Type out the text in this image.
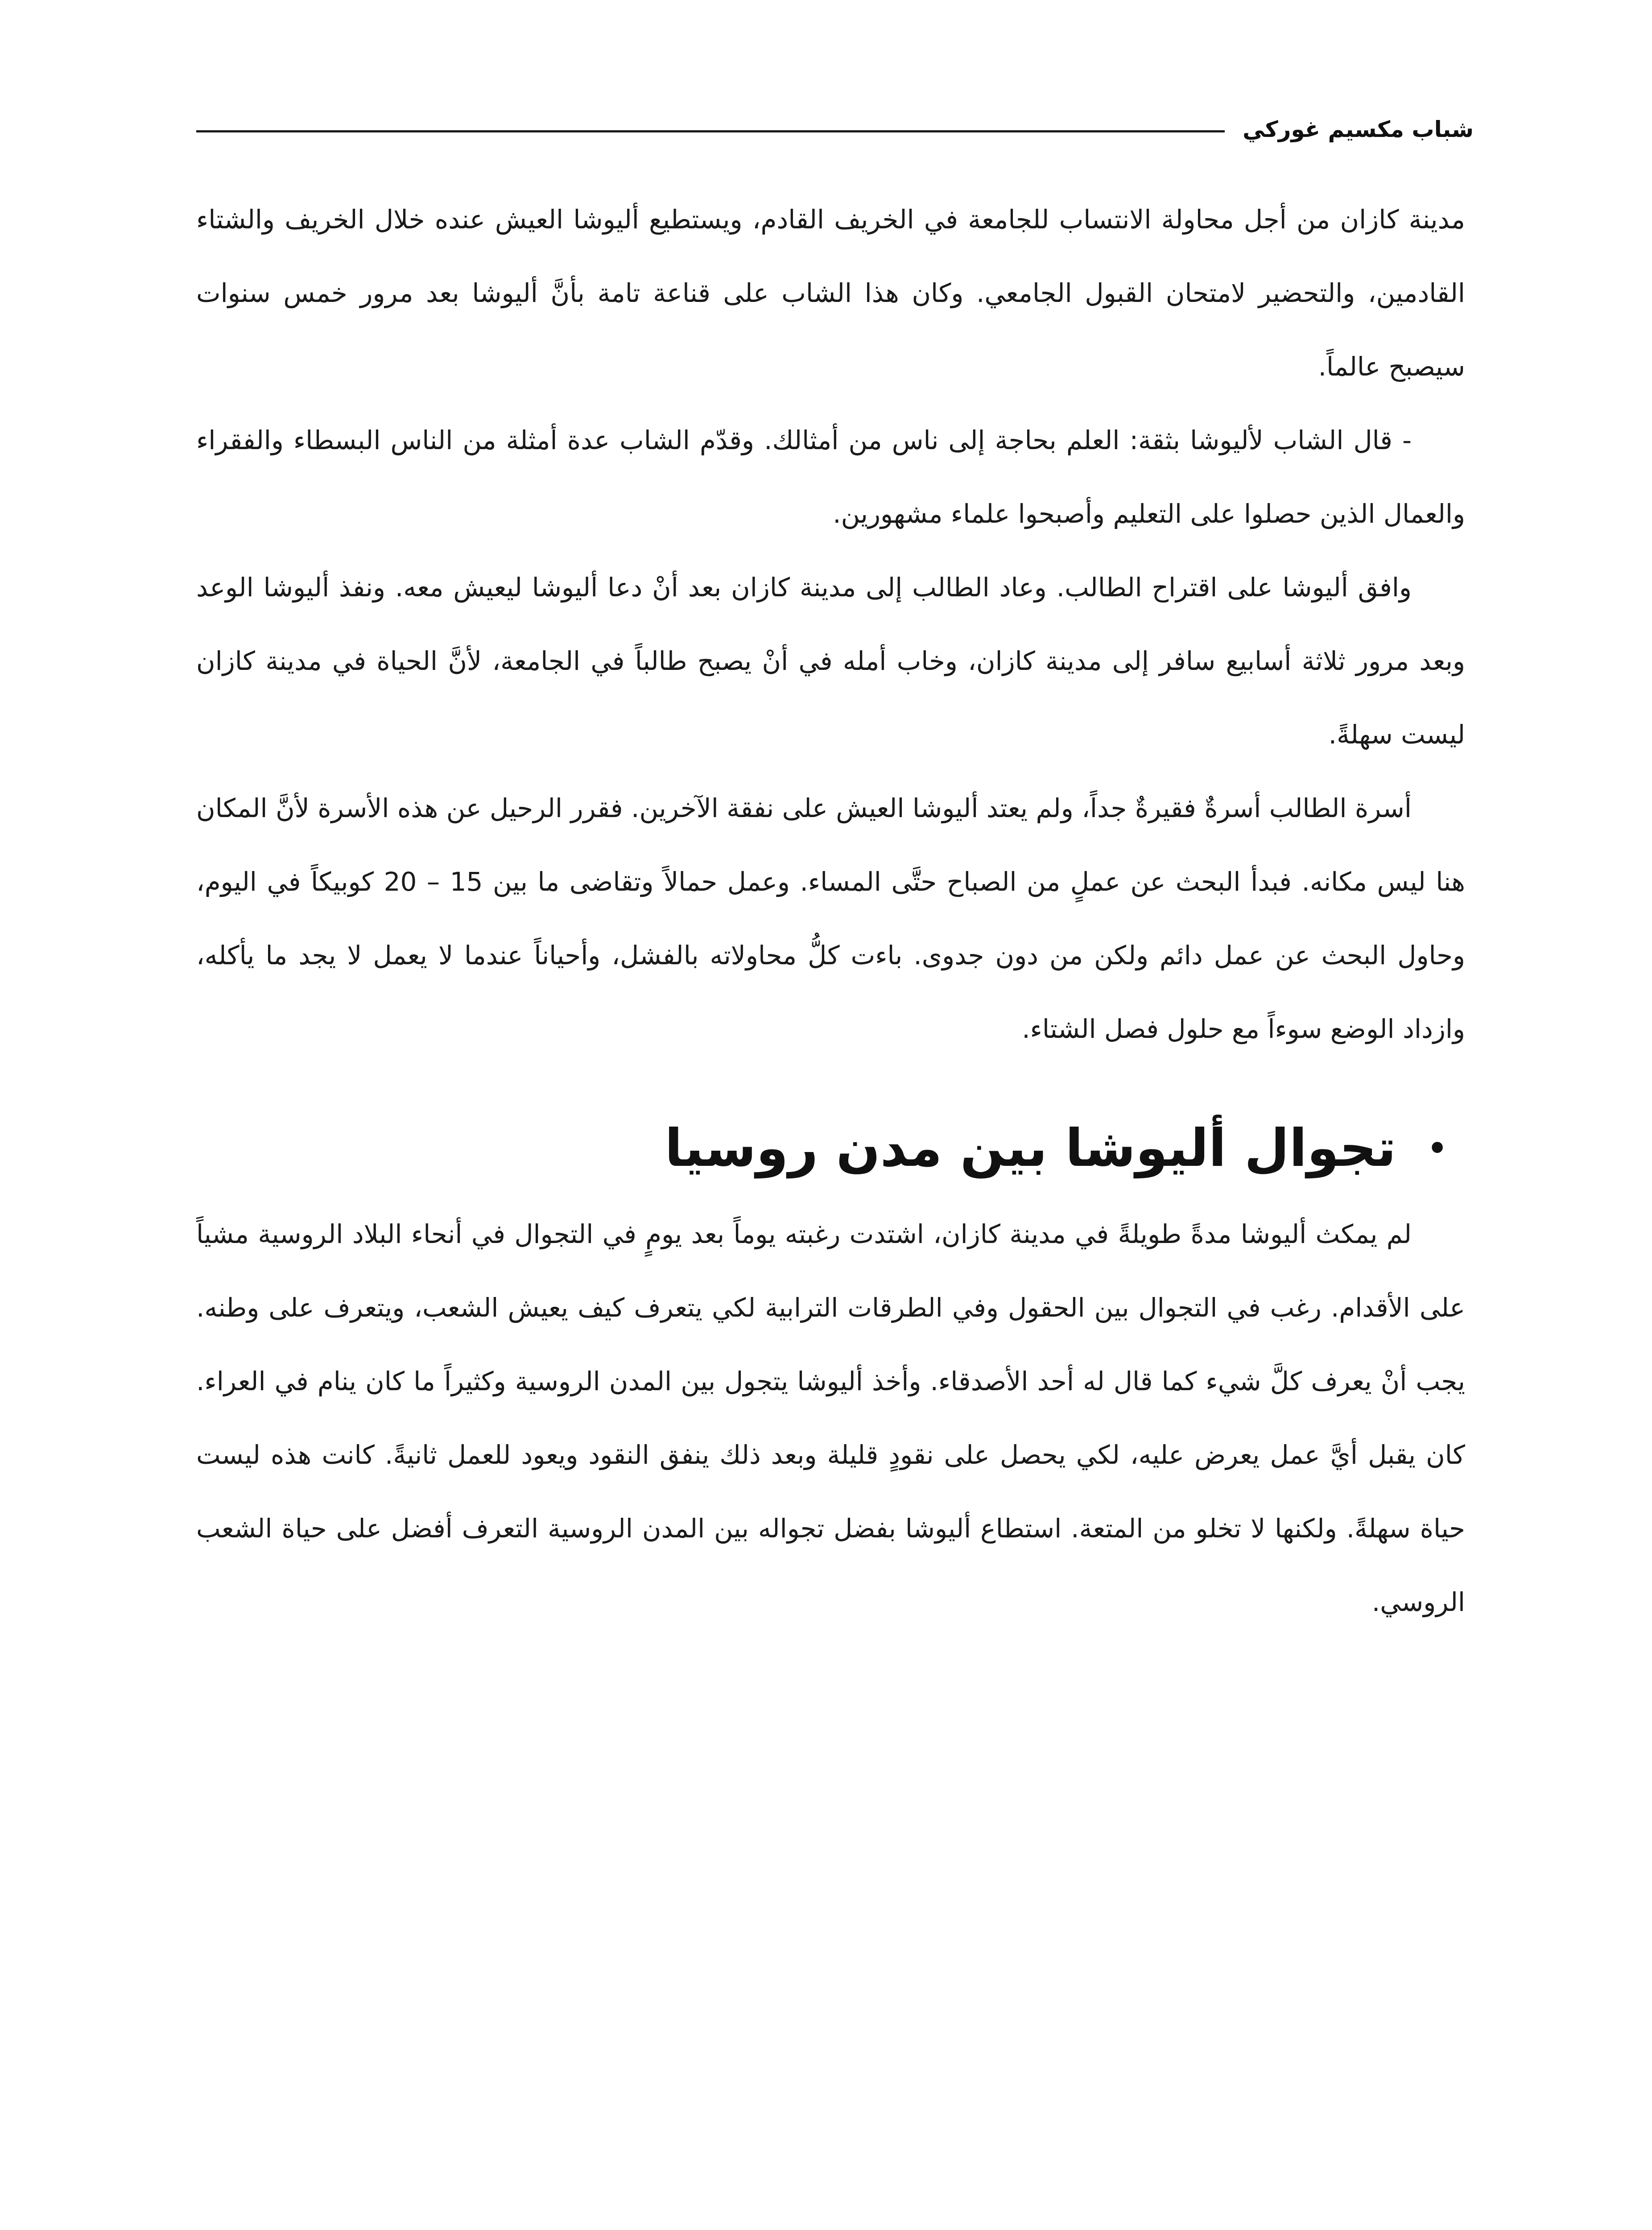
شباب مكسيم غوركي

مدينة كازان من أجل محاولة الانتساب للجامعة في الخريف القادم، ويستطيع أليوشا العيش عنده خلال الخريف والشتاء القادمين، والتحضير لامتحان القبول الجامعي. وكان هذا الشاب على قناعة تامة بأنَّ أليوشا بعد مرور خمس سنوات سيصبح عالماً.

- قال الشاب لأليوشا بثقة: العلم بحاجة إلى ناس من أمثالك. وقدّم الشاب عدة أمثلة من الناس البسطاء والفقراء والعمال الذين حصلوا على التعليم وأصبحوا علماء مشهورين.

وافق أليوشا على اقتراح الطالب. وعاد الطالب إلى مدينة كازان بعد أنْ دعا أليوشا ليعيش معه. ونفذ أليوشا الوعد وبعد مرور ثلاثة أسابيع سافر إلى مدينة كازان، وخاب أمله في أنْ يصبح طالباً في الجامعة، لأنَّ الحياة في مدينة كازان ليست سهلةً.

أسرة الطالب أسرةٌ فقيرةٌ جداً، ولم يعتد أليوشا العيش على نفقة الآخرين. فقرر الرحيل عن هذه الأسرة لأنَّ المكان هنا ليس مكانه. فبدأ البحث عن عملٍ من الصباح حتَّى المساء. وعمل حمالاً وتقاضى ما بين 15 – 20 كوبيكاً في اليوم، وحاول البحث عن عمل دائم ولكن من دون جدوى. باءت كلُّ محاولاته بالفشل، وأحياناً عندما لا يعمل لا يجد ما يأكله، وازداد الوضع سوءاً مع حلول فصل الشتاء.

•
تجوال أليوشا بين مدن روسيا

لم يمكث أليوشا مدةً طويلةً في مدينة كازان، اشتدت رغبته يوماً بعد يومٍ في التجوال في أنحاء البلاد الروسية مشياً على الأقدام. رغب في التجوال بين الحقول وفي الطرقات الترابية لكي يتعرف كيف يعيش الشعب، ويتعرف على وطنه. يجب أنْ يعرف كلَّ شيء كما قال له أحد الأصدقاء. وأخذ أليوشا يتجول بين المدن الروسية وكثيراً ما كان ينام في العراء. كان يقبل أيَّ عمل يعرض عليه، لكي يحصل على نقودٍ قليلة وبعد ذلك ينفق النقود ويعود للعمل ثانيةً. كانت هذه ليست حياة سهلةً. ولكنها لا تخلو من المتعة. استطاع أليوشا بفضل تجواله بين المدن الروسية التعرف أفضل على حياة الشعب الروسي.
